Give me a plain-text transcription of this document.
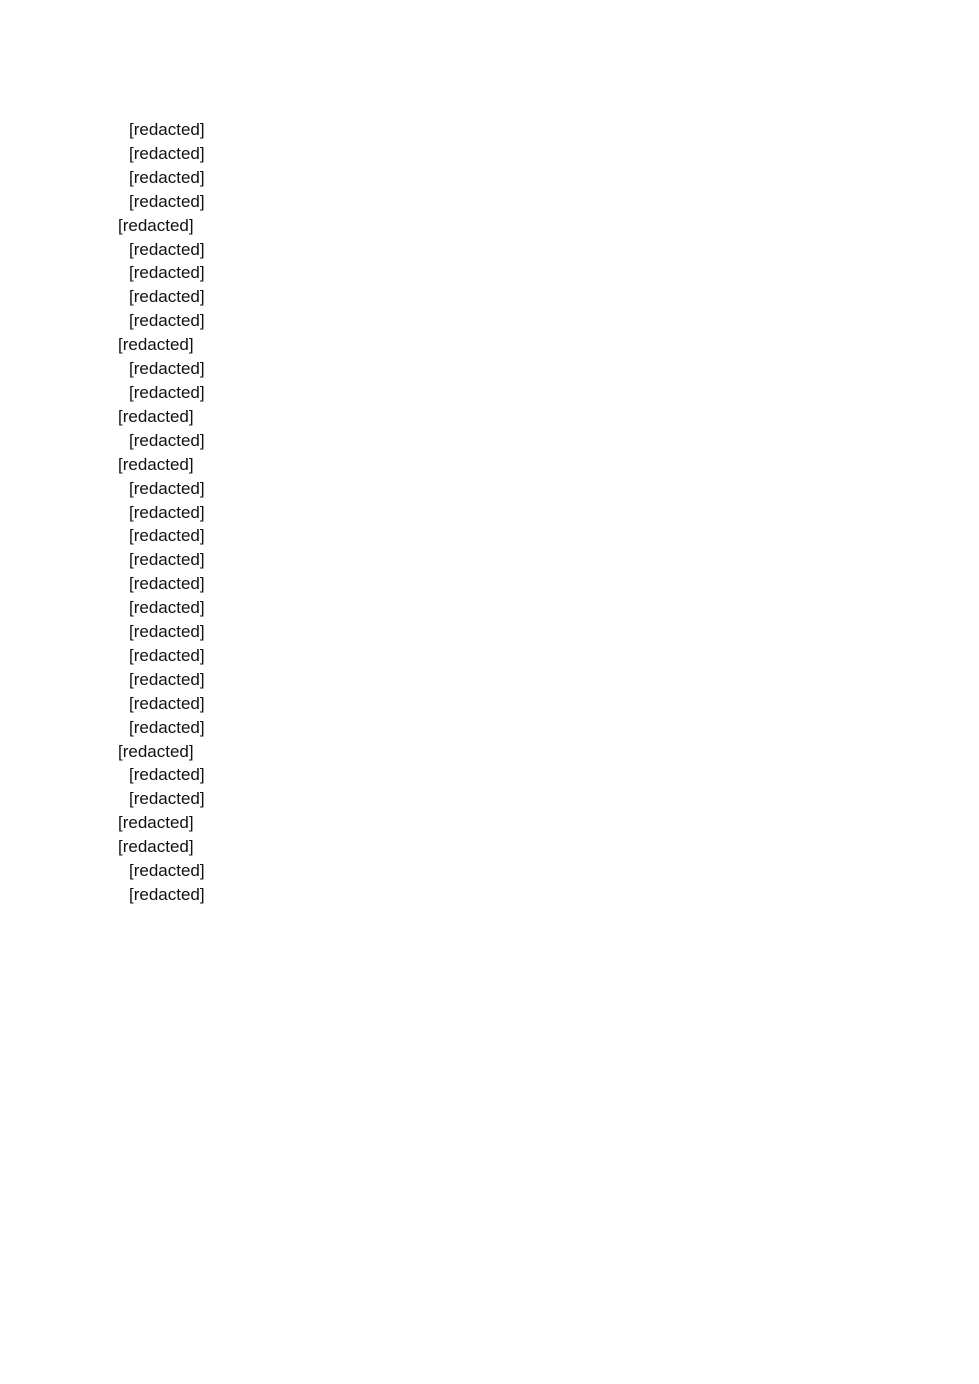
[redacted]
[redacted]
[redacted]
[redacted]
[redacted]
[redacted]
[redacted]
[redacted]
[redacted]
[redacted]
[redacted]
[redacted]
[redacted]
[redacted]
[redacted]
[redacted]
[redacted]
[redacted]
[redacted]
[redacted]
[redacted]
[redacted]
[redacted]
[redacted]
[redacted]
[redacted]
[redacted]
[redacted]
[redacted]
[redacted]
[redacted]
[redacted]
[redacted]
